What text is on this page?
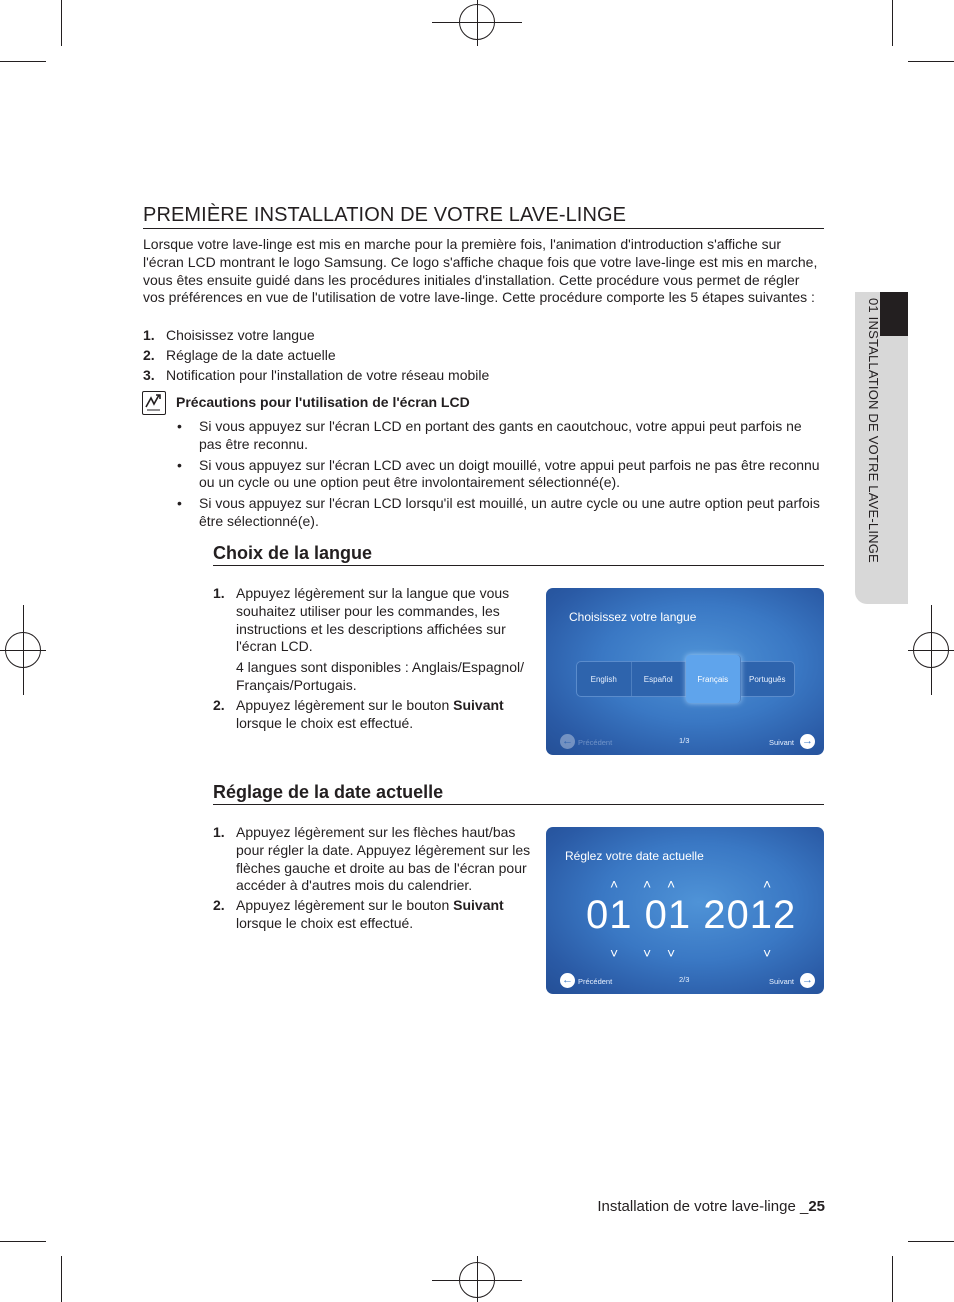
01 INSTALLATION DE VOTRE LAVE-LINGE
PREMIÈRE INSTALLATION DE VOTRE LAVE-LINGE

Lorsque votre lave-linge est mis en marche pour la première fois, l'animation d'introduction s'affiche sur l'écran LCD montrant le logo Samsung. Ce logo s'affiche chaque fois que votre lave-linge est mis en marche, vous êtes ensuite guidé dans les procédures initiales d'installation. Cette procédure vous permet de régler vos préférences en vue de l'utilisation de votre lave-linge. Cette procédure comporte les 5 étapes suivantes :

1. Choisissez votre langue
2. Réglage de la date actuelle
3. Notification pour l'installation de votre réseau mobile
Précautions pour l'utilisation de l'écran LCD
•	Si vous appuyez sur l'écran LCD en portant des gants en caoutchouc, votre appui peut parfois ne pas être reconnu.
•	Si vous appuyez sur l'écran LCD avec un doigt mouillé, votre appui peut parfois ne pas être reconnu ou un cycle ou une option peut être involontairement sélectionné(e).
•	Si vous appuyez sur l'écran LCD lorsqu'il est mouillé, un autre cycle ou une autre option peut parfois être sélectionné(e).
Choix de la langue
1. Appuyez légèrement sur la langue que vous souhaitez utiliser pour les commandes, les instructions et les descriptions affichées sur l'écran LCD.
4 langues sont disponibles : Anglais/Espagnol/ Français/Portugais.
2. Appuyez légèrement sur le bouton Suivant lorsque le choix est effectué.
Choisissez votre langue
English	Español	Français	Português
← Précédent	1/3	Suivant →
Réglage de la date actuelle
1. Appuyez légèrement sur les flèches haut/bas pour régler la date. Appuyez légèrement sur les flèches gauche et droite au bas de l'écran pour accéder à d'autres mois du calendrier.
2. Appuyez légèrement sur le bouton Suivant lorsque le choix est effectué.
Réglez votre date actuelle
˄ ˄ ˄	˄
01 01 2012
˅ ˅ ˅	˅
← Précédent	2/3	Suivant →
Installation de votre lave-linge _25
